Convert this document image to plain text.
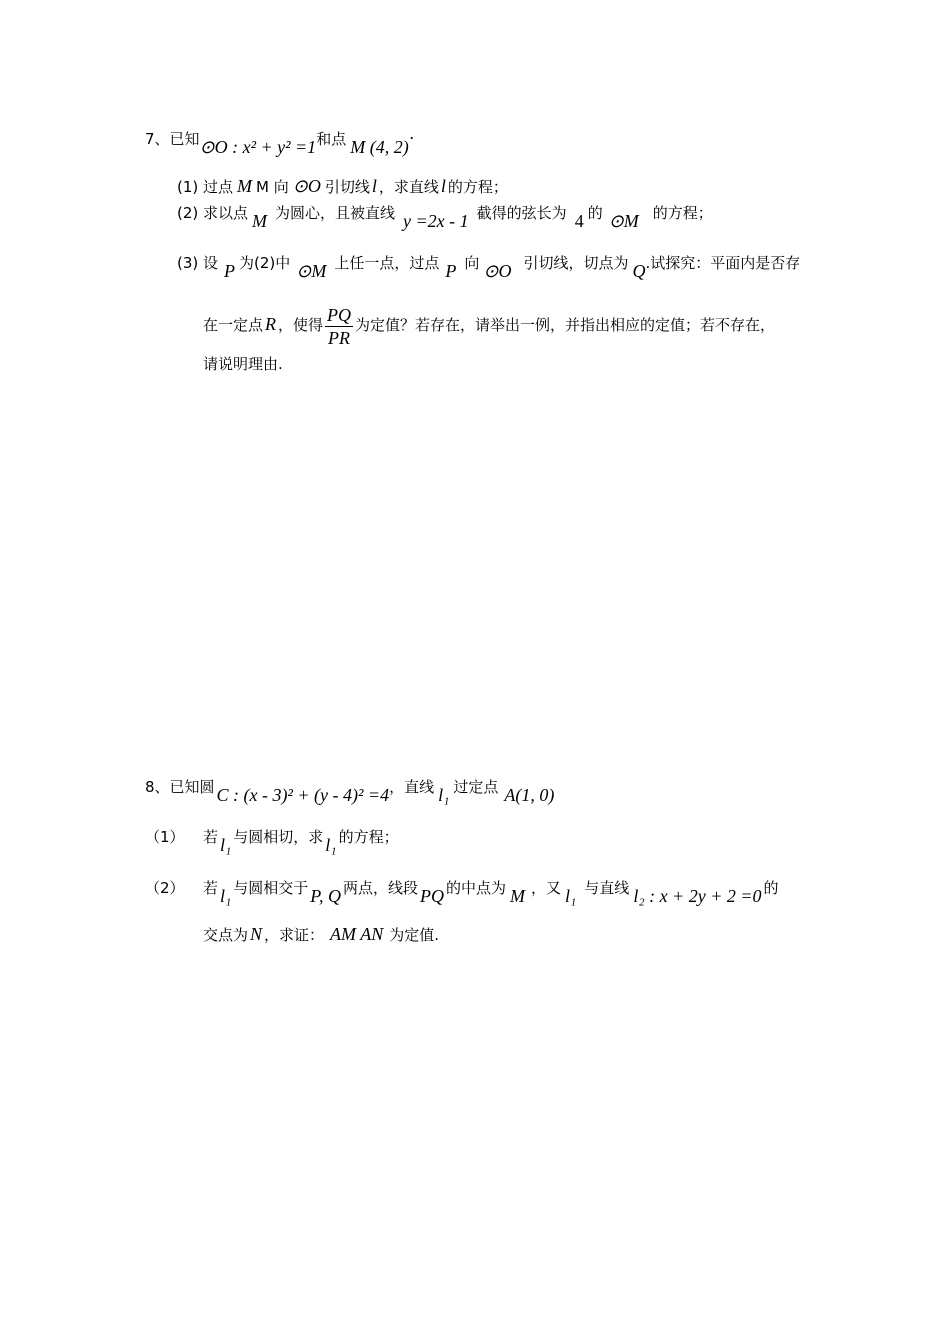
7、已知⊙O : x² + y² =1和点 M (4, 2)·
(1) 过点 M M 向 ⊙O 引切线 l ，求直线 l 的方程；
(2) 求以点 M 为圆心，且被直线 y =2x - 1 截得的弦长为 4 的 ⊙M 的方程；
(3) 设 P 为(2)中 ⊙M 上任一点，过点 P 向 ⊙O 引切线，切点为 Q.试探究：平面内是否存
在一定点 R ，使得 $\frac{PQ}{PR}$ 为定值？若存在，请举出一例，并指出相应的定值；若不存在，
请说明理由.
8、已知圆 C : (x - 3)² + (y - 4)² =4，直线 l₁ 过定点 A(1, 0)
（1） 若 l₁ 与圆相切，求 l₁ 的方程；
（2） 若 l₁ 与圆相交于 P, Q 两点，线段 PQ 的中点为 M ，又 l₁ 与直线 l₂ : x + 2y + 2 =0 的
交点为 N ，求证： AM AN 为定值.
